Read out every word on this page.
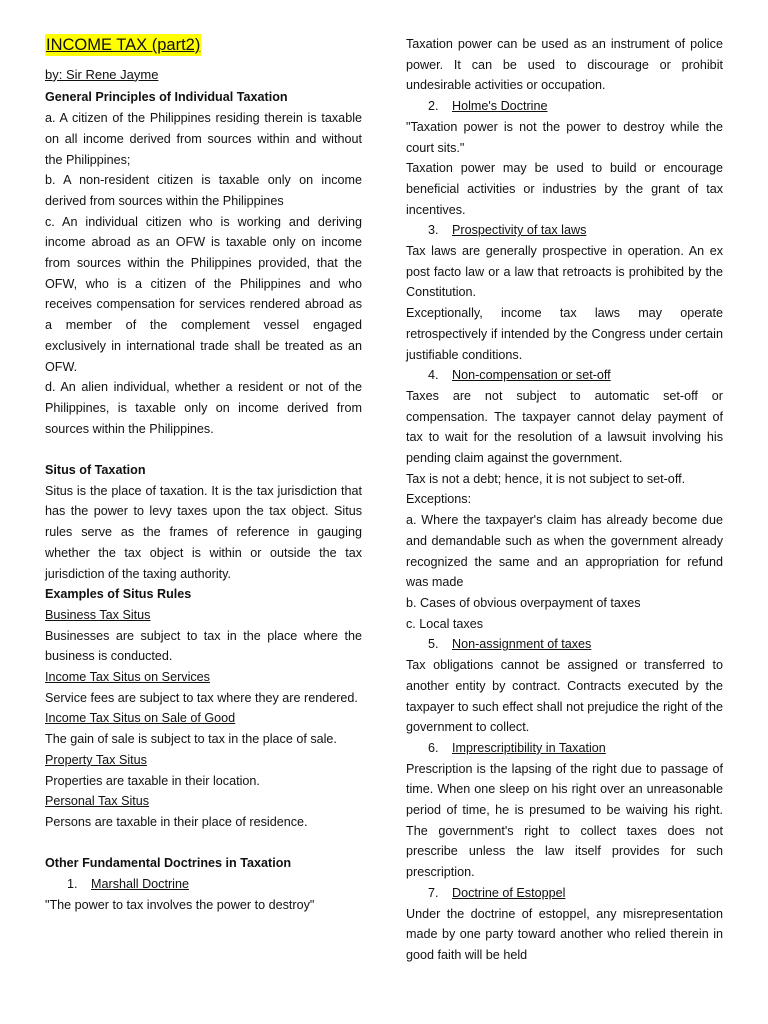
INCOME TAX (part2)

by: Sir Rene Jayme

General Principles of Individual Taxation

a. A citizen of the Philippines residing therein is taxable on all income derived from sources within and without the Philippines;

b. A non-resident citizen is taxable only on income derived from sources within the Philippines

c. An individual citizen who is working and deriving income abroad as an OFW is taxable only on income from sources within the Philippines provided, that the OFW, who is a citizen of the Philippines and who receives compensation for services rendered abroad as a member of the complement vessel engaged exclusively in international trade shall be treated as an OFW.

d. An alien individual, whether a resident or not of the Philippines, is taxable only on income derived from sources within the Philippines.

Situs of Taxation

Situs is the place of taxation. It is the tax jurisdiction that has the power to levy taxes upon the tax object. Situs rules serve as the frames of reference in gauging whether the tax object is within or outside the tax jurisdiction of the taxing authority.

Examples of Situs Rules

Business Tax Situs

Businesses are subject to tax in the place where the business is conducted.

Income Tax Situs on Services

Service fees are subject to tax where they are rendered.

Income Tax Situs on Sale of Good

The gain of sale is subject to tax in the place of sale.

Property Tax Situs

Properties are taxable in their location.

Personal Tax Situs

Persons are taxable in their place of residence.

Other Fundamental Doctrines in Taxation

1. Marshall Doctrine

"The power to tax involves the power to destroy"

Taxation power can be used as an instrument of police power. It can be used to discourage or prohibit undesirable activities or occupation.

2. Holme's Doctrine

"Taxation power is not the power to destroy while the court sits."

Taxation power may be used to build or encourage beneficial activities or industries by the grant of tax incentives.

3. Prospectivity of tax laws

Tax laws are generally prospective in operation. An ex post facto law or a law that retroacts is prohibited by the Constitution.

Exceptionally, income tax laws may operate retrospectively if intended by the Congress under certain justifiable conditions.

4. Non-compensation or set-off

Taxes are not subject to automatic set-off or compensation. The taxpayer cannot delay payment of tax to wait for the resolution of a lawsuit involving his pending claim against the government.

Tax is not a debt; hence, it is not subject to set-off.

Exceptions:

a. Where the taxpayer's claim has already become due and demandable such as when the government already recognized the same and an appropriation for refund was made

b. Cases of obvious overpayment of taxes

c. Local taxes

5. Non-assignment of taxes

Tax obligations cannot be assigned or transferred to another entity by contract. Contracts executed by the taxpayer to such effect shall not prejudice the right of the government to collect.

6. Imprescriptibility in Taxation

Prescription is the lapsing of the right due to passage of time. When one sleep on his right over an unreasonable period of time, he is presumed to be waiving his right. The government's right to collect taxes does not prescribe unless the law itself provides for such prescription.

7. Doctrine of Estoppel

Under the doctrine of estoppel, any misrepresentation made by one party toward another who relied therein in good faith will be held
